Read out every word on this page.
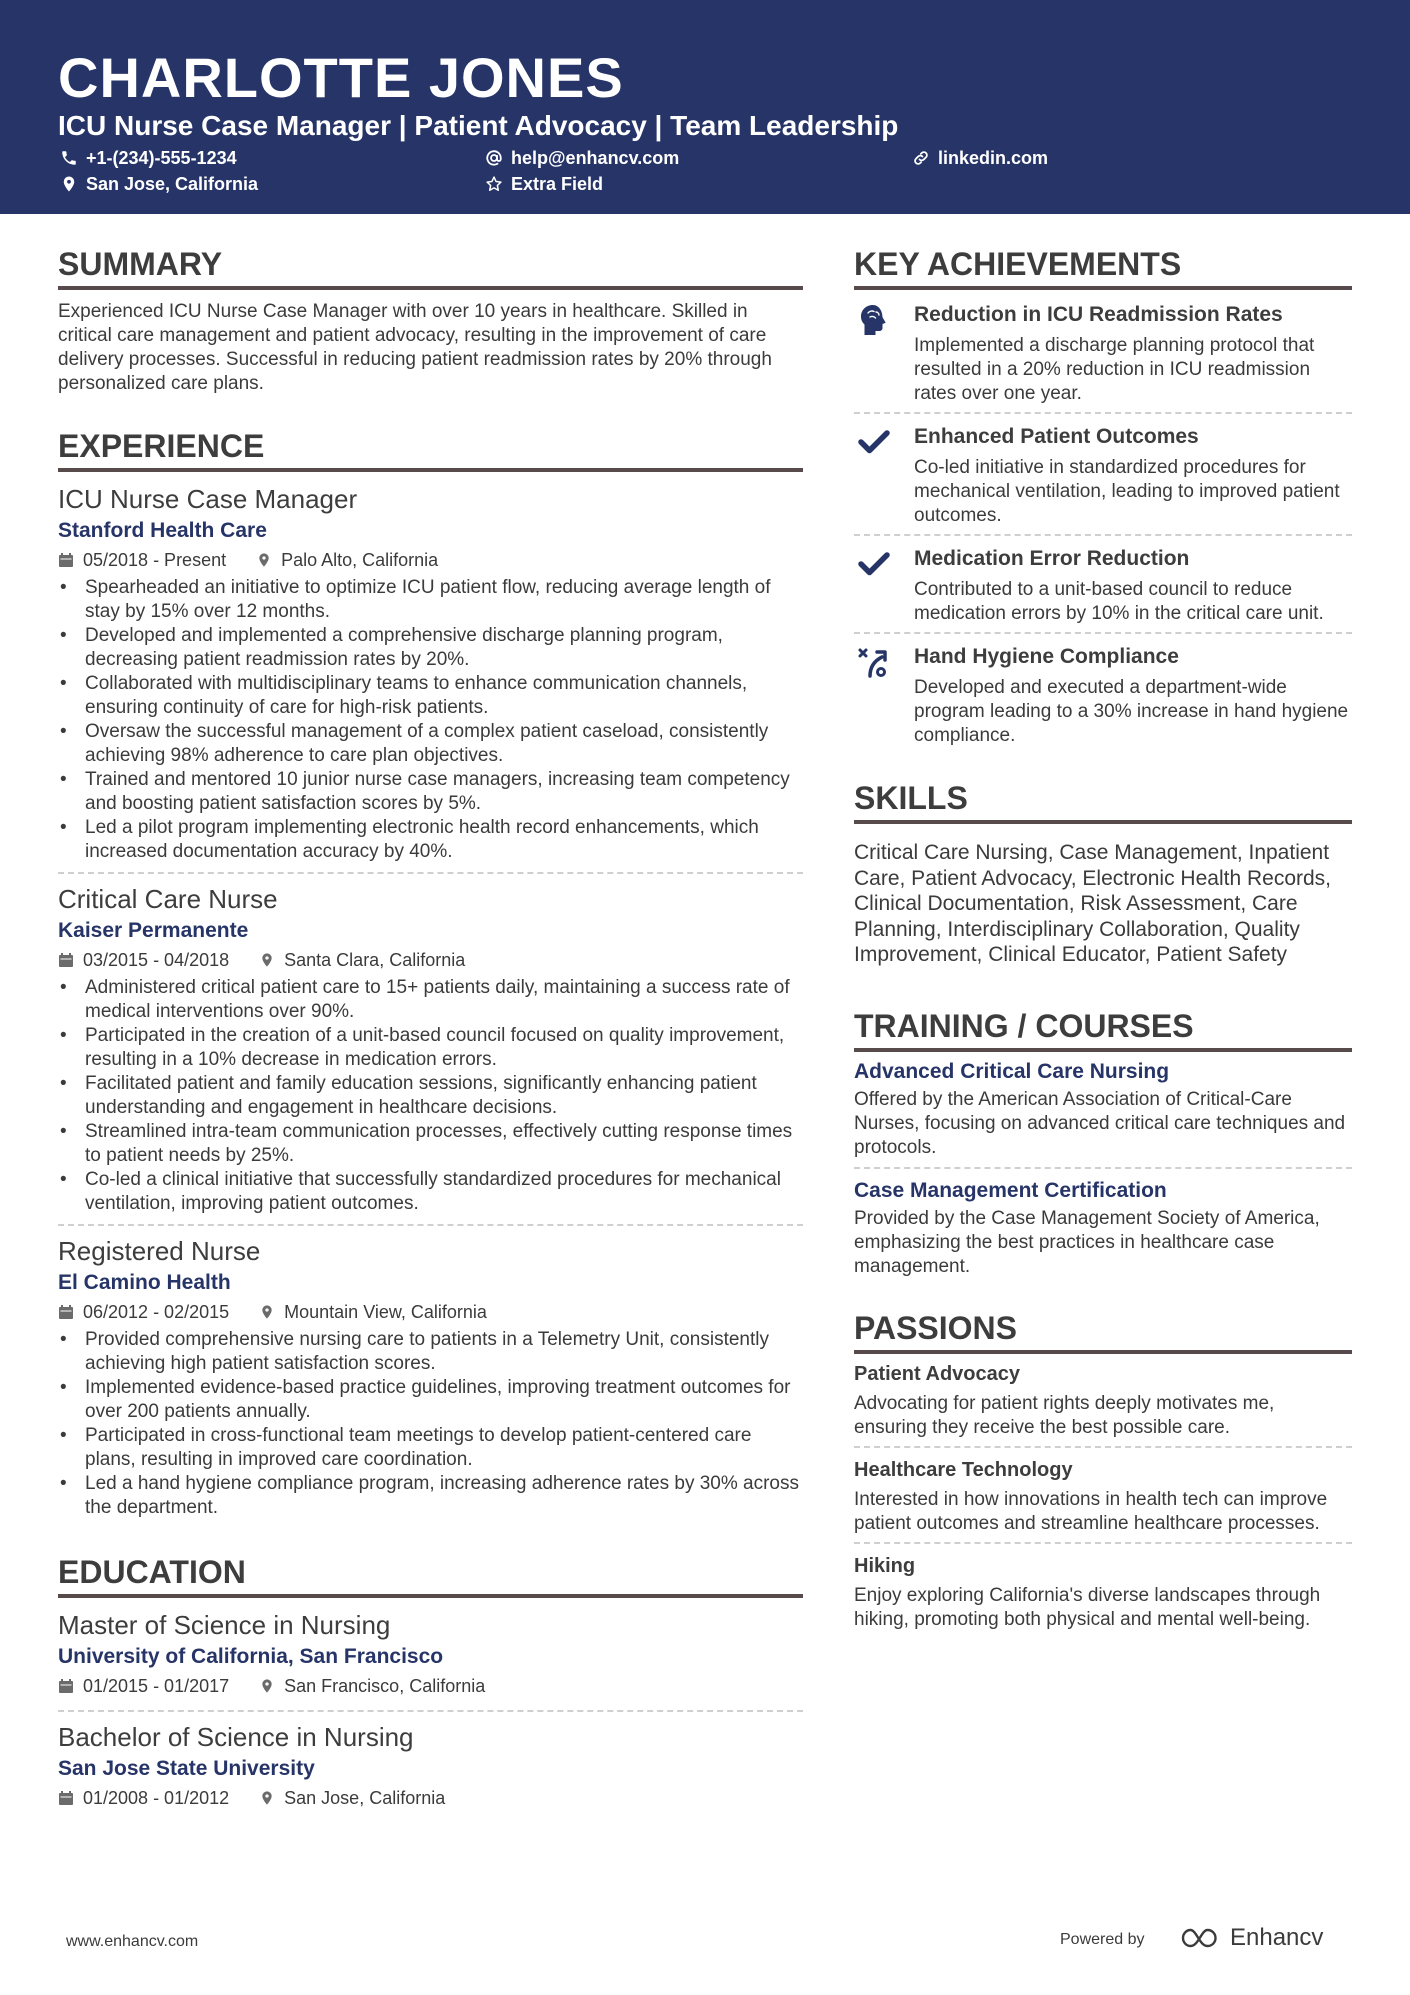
CHARLOTTE JONES
ICU Nurse Case Manager | Patient Advocacy | Team Leadership
+1-(234)-555-1234	help@enhancv.com	linkedin.com
San Jose, California	Extra Field
SUMMARY
Experienced ICU Nurse Case Manager with over 10 years in healthcare. Skilled in critical care management and patient advocacy, resulting in the improvement of care delivery processes. Successful in reducing patient readmission rates by 20% through personalized care plans.
EXPERIENCE
ICU Nurse Case Manager
Stanford Health Care
05/2018 - Present	Palo Alto, California
• Spearheaded an initiative to optimize ICU patient flow, reducing average length of stay by 15% over 12 months.
• Developed and implemented a comprehensive discharge planning program, decreasing patient readmission rates by 20%.
• Collaborated with multidisciplinary teams to enhance communication channels, ensuring continuity of care for high-risk patients.
• Oversaw the successful management of a complex patient caseload, consistently achieving 98% adherence to care plan objectives.
• Trained and mentored 10 junior nurse case managers, increasing team competency and boosting patient satisfaction scores by 5%.
• Led a pilot program implementing electronic health record enhancements, which increased documentation accuracy by 40%.
Critical Care Nurse
Kaiser Permanente
03/2015 - 04/2018	Santa Clara, California
• Administered critical patient care to 15+ patients daily, maintaining a success rate of medical interventions over 90%.
• Participated in the creation of a unit-based council focused on quality improvement, resulting in a 10% decrease in medication errors.
• Facilitated patient and family education sessions, significantly enhancing patient understanding and engagement in healthcare decisions.
• Streamlined intra-team communication processes, effectively cutting response times to patient needs by 25%.
• Co-led a clinical initiative that successfully standardized procedures for mechanical ventilation, improving patient outcomes.
Registered Nurse
El Camino Health
06/2012 - 02/2015	Mountain View, California
• Provided comprehensive nursing care to patients in a Telemetry Unit, consistently achieving high patient satisfaction scores.
• Implemented evidence-based practice guidelines, improving treatment outcomes for over 200 patients annually.
• Participated in cross-functional team meetings to develop patient-centered care plans, resulting in improved care coordination.
• Led a hand hygiene compliance program, increasing adherence rates by 30% across the department.
EDUCATION
Master of Science in Nursing
University of California, San Francisco
01/2015 - 01/2017	San Francisco, California
Bachelor of Science in Nursing
San Jose State University
01/2008 - 01/2012	San Jose, California
KEY ACHIEVEMENTS
Reduction in ICU Readmission Rates
Implemented a discharge planning protocol that resulted in a 20% reduction in ICU readmission rates over one year.
Enhanced Patient Outcomes
Co-led initiative in standardized procedures for mechanical ventilation, leading to improved patient outcomes.
Medication Error Reduction
Contributed to a unit-based council to reduce medication errors by 10% in the critical care unit.
Hand Hygiene Compliance
Developed and executed a department-wide program leading to a 30% increase in hand hygiene compliance.
SKILLS
Critical Care Nursing, Case Management, Inpatient Care, Patient Advocacy, Electronic Health Records, Clinical Documentation, Risk Assessment, Care Planning, Interdisciplinary Collaboration, Quality Improvement, Clinical Educator, Patient Safety
TRAINING / COURSES
Advanced Critical Care Nursing
Offered by the American Association of Critical-Care Nurses, focusing on advanced critical care techniques and protocols.
Case Management Certification
Provided by the Case Management Society of America, emphasizing the best practices in healthcare case management.
PASSIONS
Patient Advocacy
Advocating for patient rights deeply motivates me, ensuring they receive the best possible care.
Healthcare Technology
Interested in how innovations in health tech can improve patient outcomes and streamline healthcare processes.
Hiking
Enjoy exploring California's diverse landscapes through hiking, promoting both physical and mental well-being.
www.enhancv.com	Powered by	Enhancv
